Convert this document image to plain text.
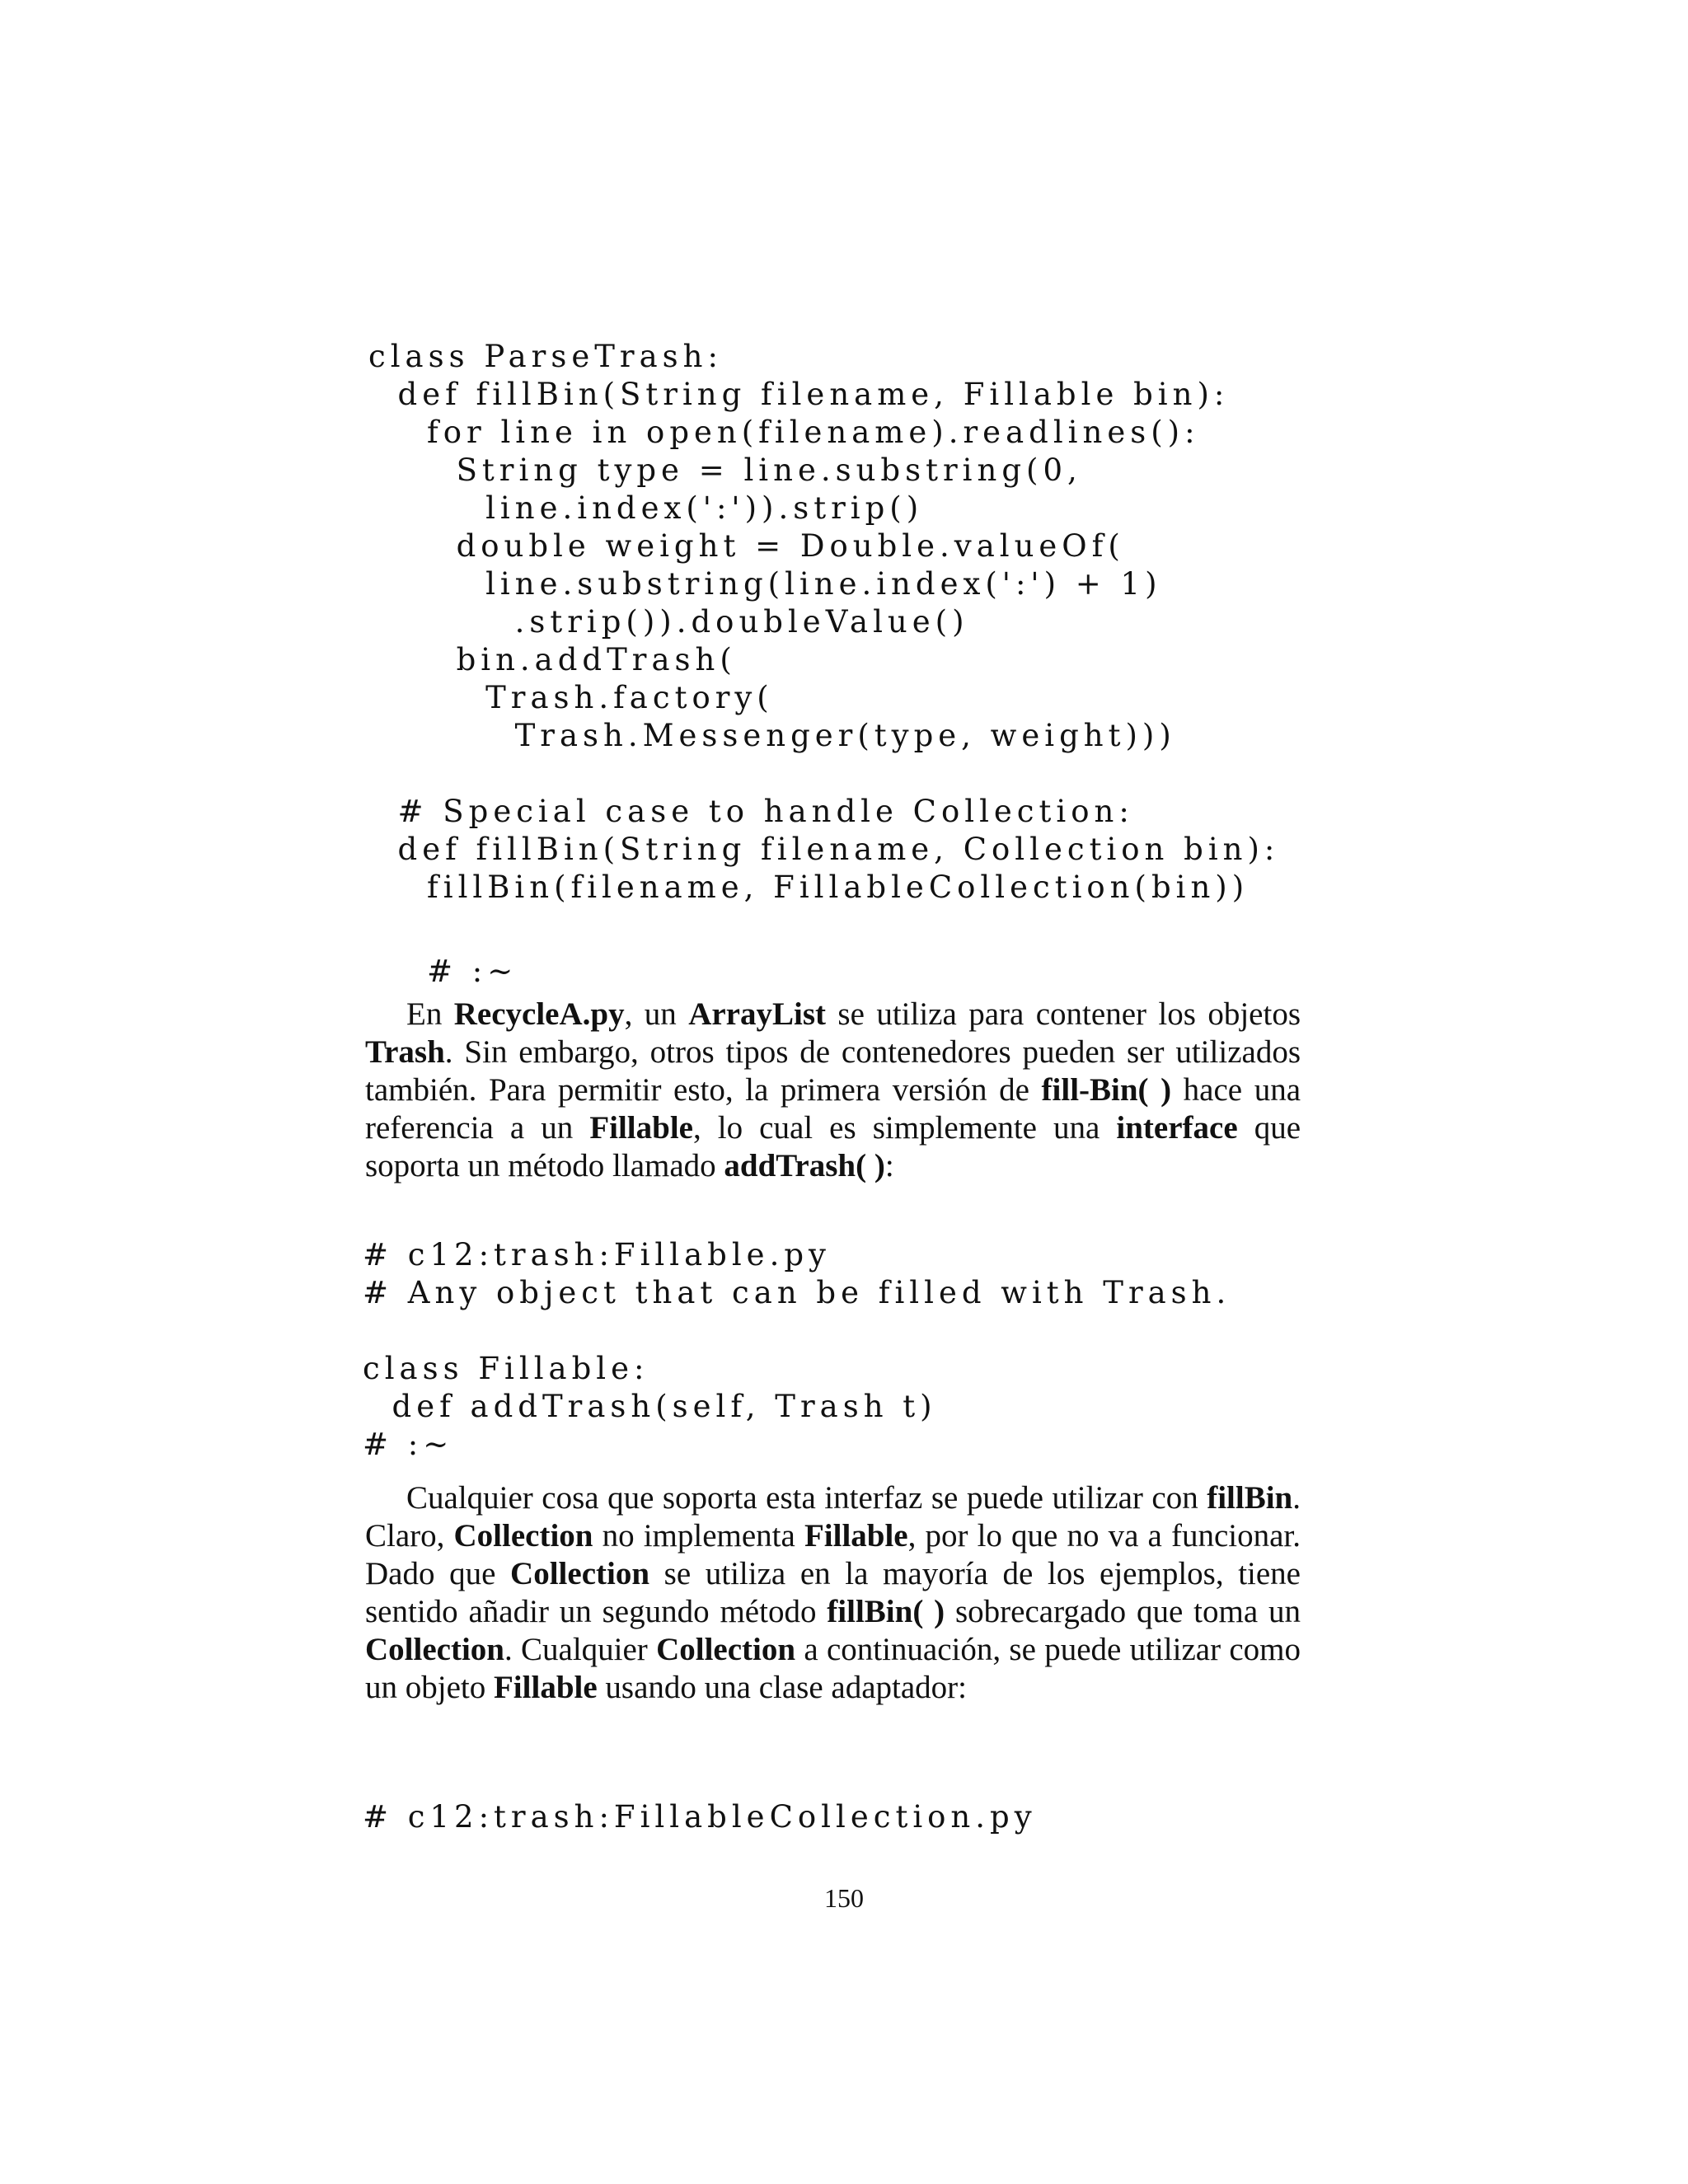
class ParseTrash:
def fillBin(String filename, Fillable bin):
for line in open(filename).readlines():
String type = line.substring(0,
line.index(':')).strip()
double weight = Double.valueOf(
line.substring(line.index(':') + 1)
.strip()).doubleValue()
bin.addTrash(
Trash.factory(
Trash.Messenger(type, weight)))
# Special case to handle Collection:
def fillBin(String filename, Collection bin):
fillBin(filename, FillableCollection(bin))
# :~

En RecycleA.py, un ArrayList se utiliza para contener los objetos Trash. Sin embargo, otros tipos de contenedores pueden ser utilizados también. Para permitir esto, la primera versión de fill-Bin( ) hace una referencia a un Fillable, lo cual es simplemente una interface que soporta un método llamado addTrash( ):

# c12:trash:Fillable.py
# Any object that can be filled with Trash.
class Fillable:
def addTrash(self, Trash t)
# :~

Cualquier cosa que soporta esta interfaz se puede utilizar con fillBin. Claro, Collection no implementa Fillable, por lo que no va a funcionar. Dado que Collection se utiliza en la mayoría de los ejemplos, tiene sentido añadir un segundo método fillBin( ) sobrecargado que toma un Collection. Cualquier Collection a continuación, se puede utilizar como un objeto Fillable usando una clase adaptador:

# c12:trash:FillableCollection.py
150
